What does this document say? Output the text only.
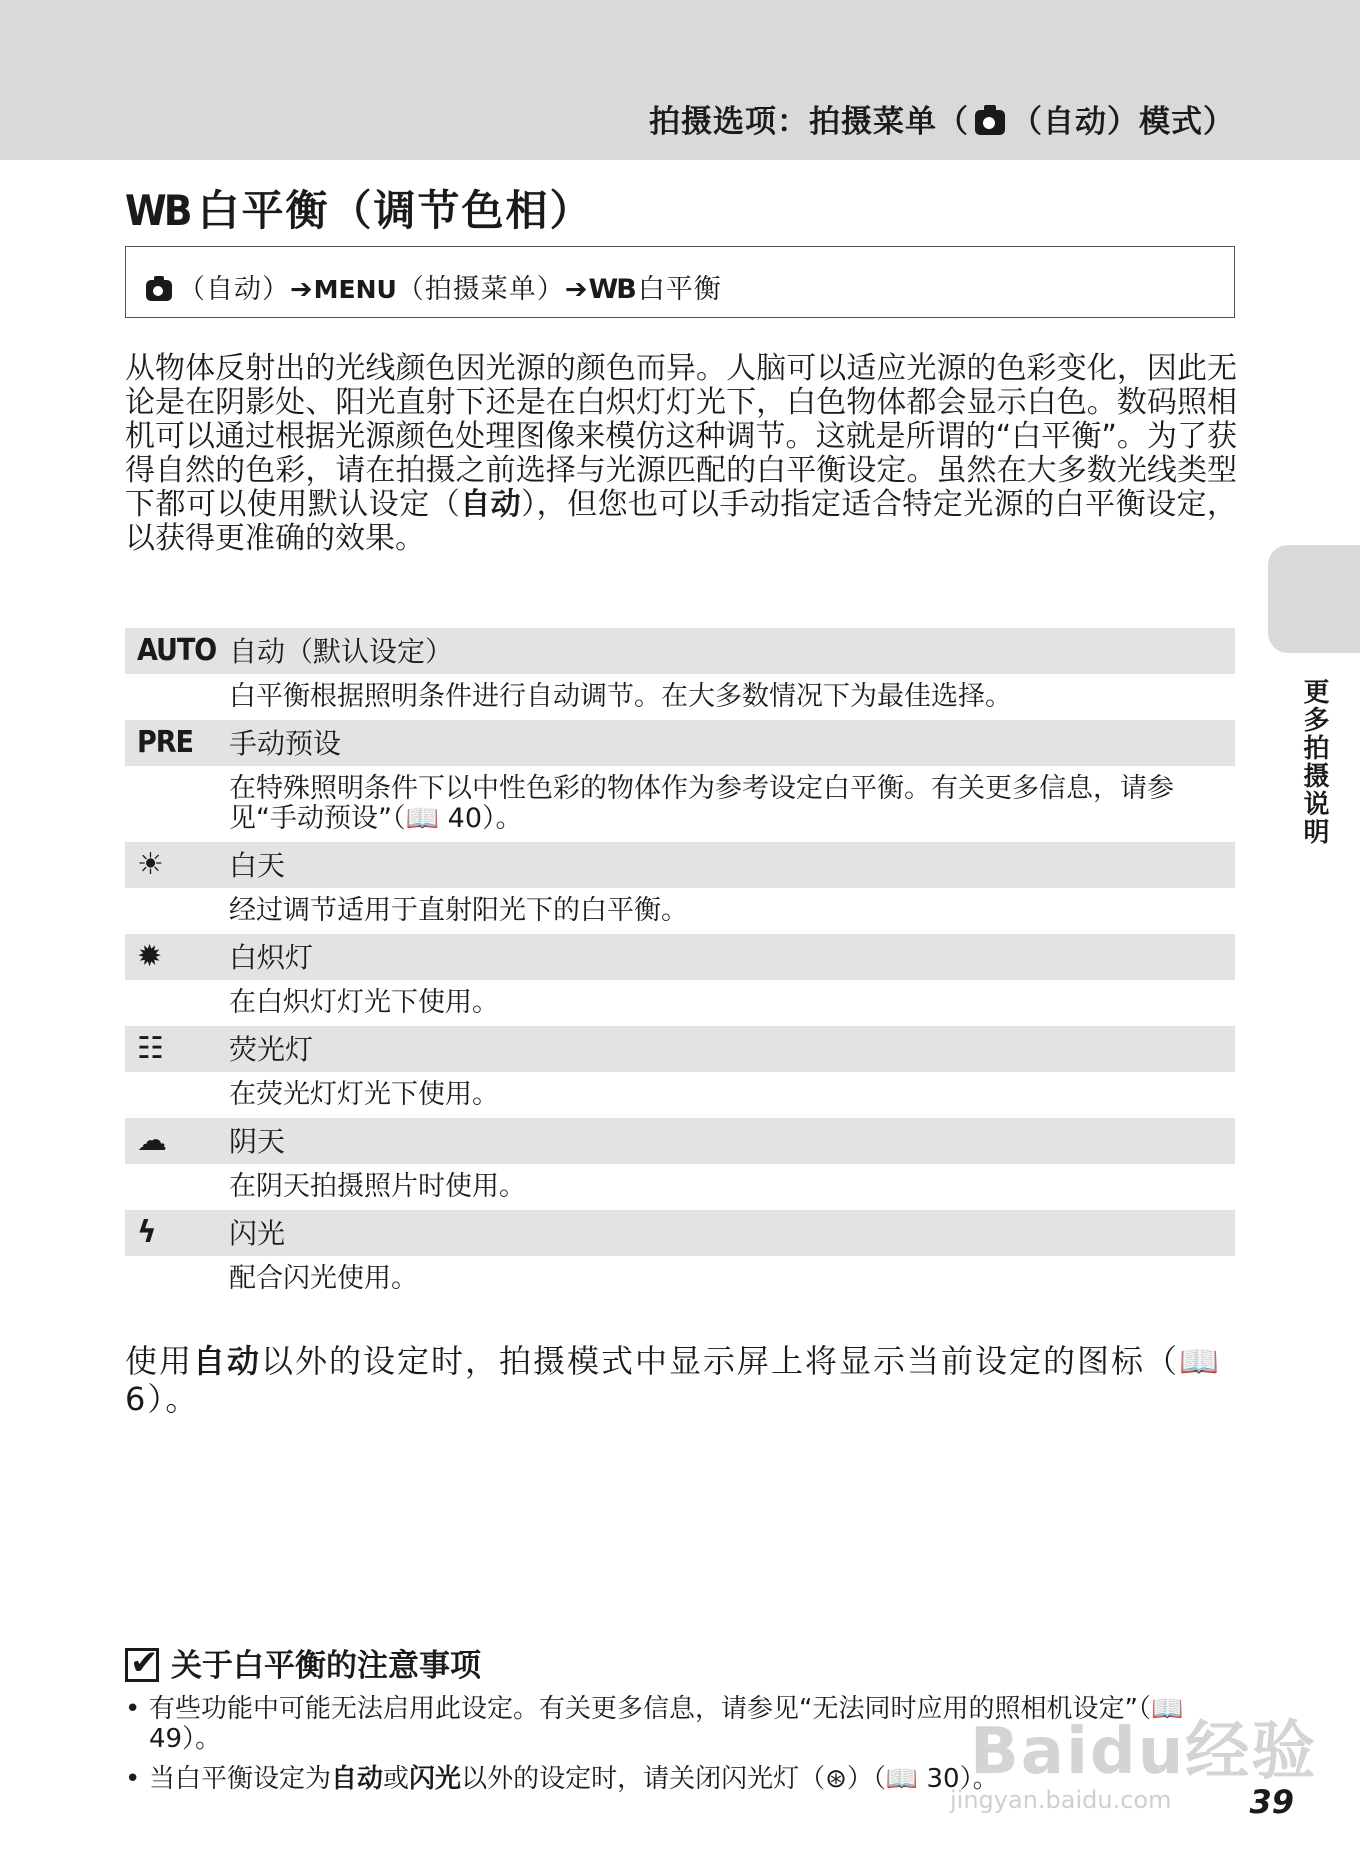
拍摄选项：拍摄菜单（ （自动）模式）
WB 白平衡（调节色相）
（自动）➔MENU（拍摄菜单）➔WB 白平衡
从物体反射出的光线颜色因光源的颜色而异。人脑可以适应光源的色彩变化，因此无论是在阴影处、阳光直射下还是在白炽灯灯光下，白色物体都会显示白色。数码照相机可以通过根据光源颜色处理图像来模仿这种调节。这就是所谓的“白平衡”。为了获得自然的色彩，请在拍摄之前选择与光源匹配的白平衡设定。虽然在大多数光线类型下都可以使用默认设定（自动），但您也可以手动指定适合特定光源的白平衡设定，以获得更准确的效果。
AUTO 自动（默认设定）
白平衡根据照明条件进行自动调节。在大多数情况下为最佳选择。
PRE 手动预设
在特殊照明条件下以中性色彩的物体作为参考设定白平衡。有关更多信息，请参见“手动预设”（📖 40）。
☀ 白天
经过调节适用于直射阳光下的白平衡。
✹ 白炽灯
在白炽灯灯光下使用。
☷ 荧光灯
在荧光灯灯光下使用。
☁ 阴天
在阴天拍摄照片时使用。
ϟ	闪光
配合闪光使用。
使用自动以外的设定时，拍摄模式中显示屏上将显示当前设定的图标（📖 6）。
✔关于白平衡的注意事项
• 有些功能中可能无法启用此设定。有关更多信息，请参见“无法同时应用的照相机设定”（📖 49）。
• 当白平衡设定为自动或闪光以外的设定时，请关闭闪光灯（⊛）（📖 30）。
更多拍摄说明
Baidu经验
jingyan.baidu.com 39
